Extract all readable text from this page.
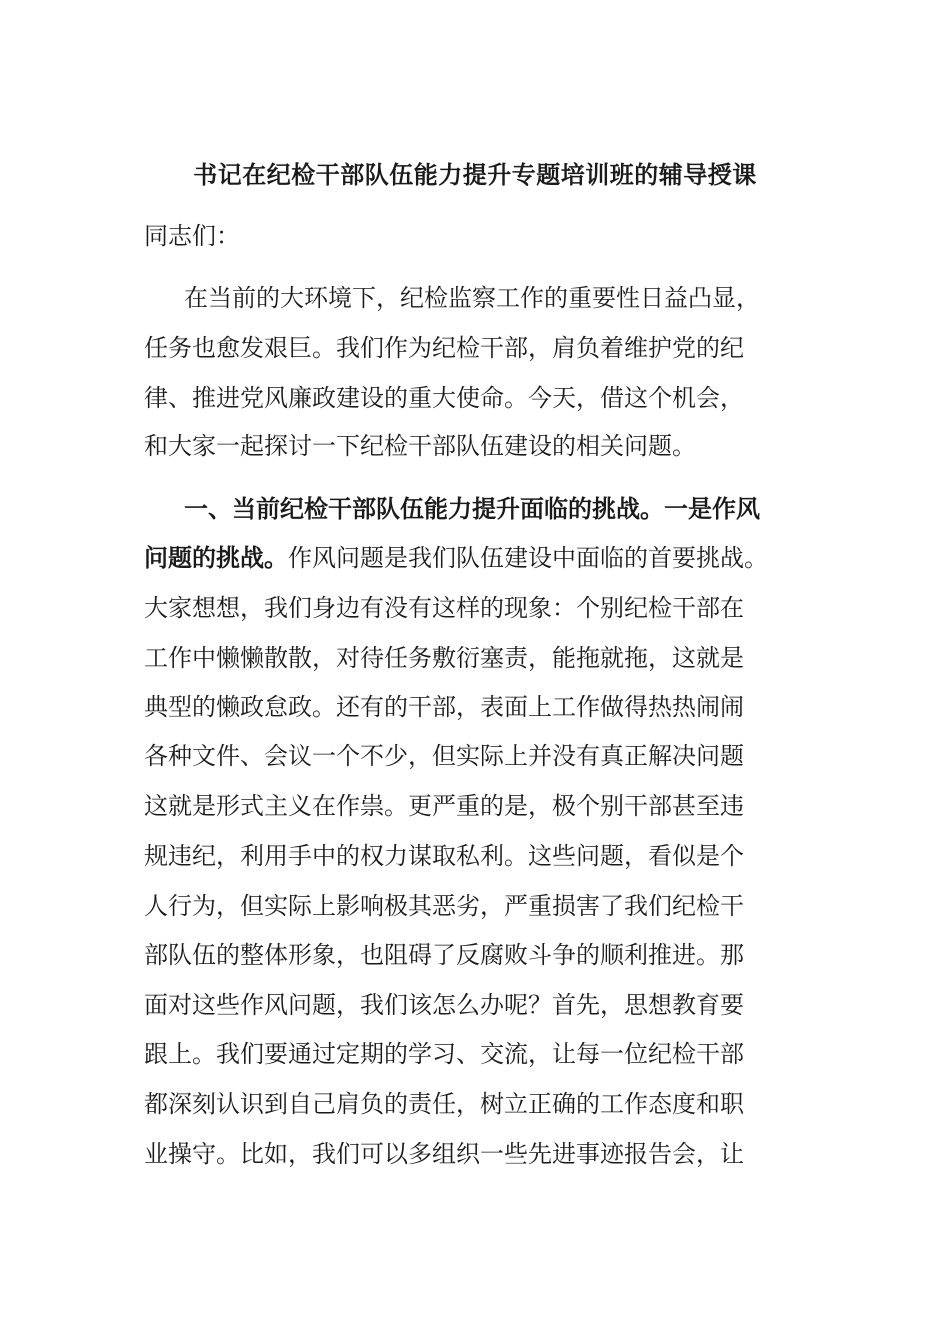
书记在纪检干部队伍能力提升专题培训班的辅导授课

同志们：

在当前的大环境下，纪检监察工作的重要性日益凸显，

任务也愈发艰巨。我们作为纪检干部，肩负着维护党的纪

律、推进党风廉政建设的重大使命。今天，借这个机会，

和大家一起探讨一下纪检干部队伍建设的相关问题。

一、当前纪检干部队伍能力提升面临的挑战。一是作风

问题的挑战。作风问题是我们队伍建设中面临的首要挑战。

大家想想，我们身边有没有这样的现象：个别纪检干部在

工作中懒懒散散，对待任务敷衍塞责，能拖就拖，这就是

典型的懒政怠政。还有的干部，表面上工作做得热热闹闹

各种文件、会议一个不少，但实际上并没有真正解决问题

这就是形式主义在作祟。更严重的是，极个别干部甚至违

规违纪，利用手中的权力谋取私利。这些问题，看似是个

人行为，但实际上影响极其恶劣，严重损害了我们纪检干

部队伍的整体形象，也阻碍了反腐败斗争的顺利推进。那

面对这些作风问题，我们该怎么办呢？首先，思想教育要

跟上。我们要通过定期的学习、交流，让每一位纪检干部

都深刻认识到自己肩负的责任，树立正确的工作态度和职

业操守。比如，我们可以多组织一些先进事迹报告会，让
